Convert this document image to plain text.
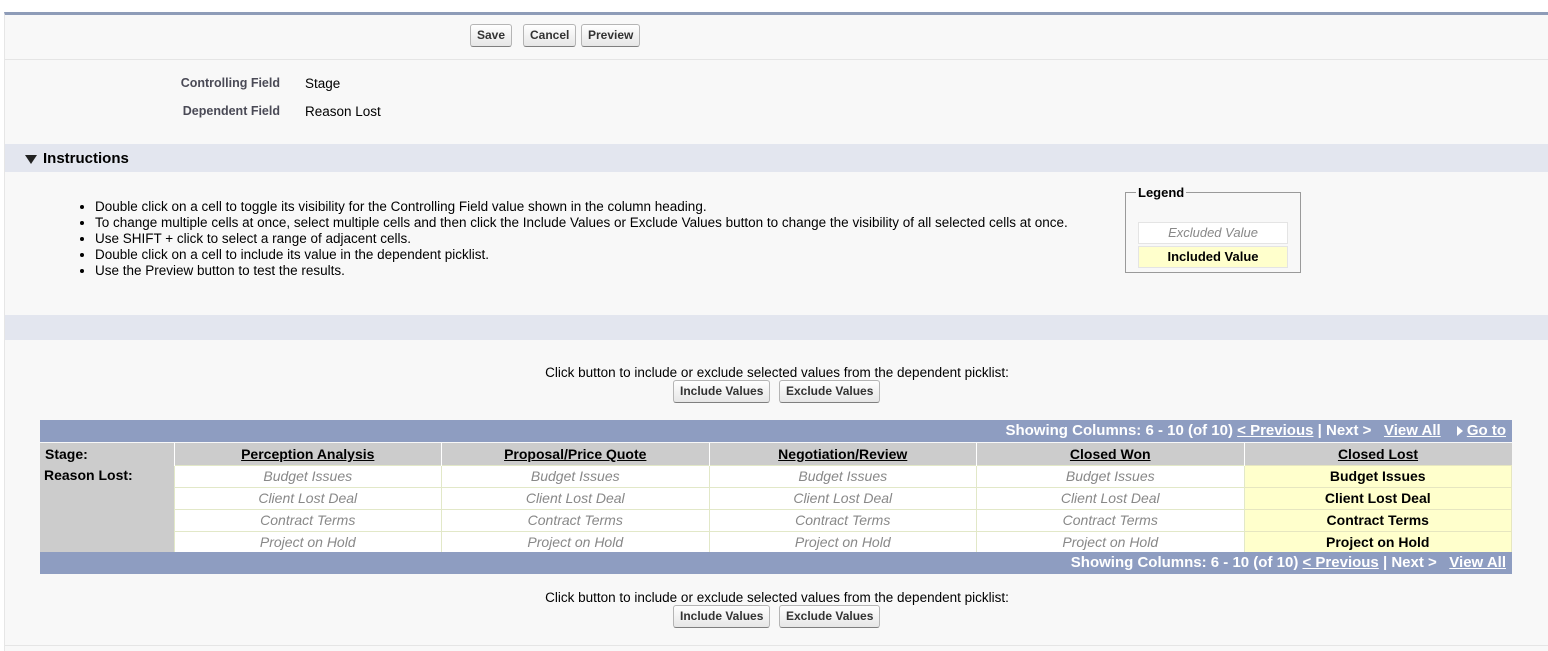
Save	Cancel	Preview
Controlling Field Stage
Dependent Field Reason Lost
Instructions
• Double click on a cell to toggle its visibility for the Controlling Field value shown in the column heading.
• To change multiple cells at once, select multiple cells and then click the Include Values or Exclude Values button to change the visibility of all selected cells at once.
• Use SHIFT + click to select a range of adjacent cells.
• Double click on a cell to include its value in the dependent picklist.
• Use the Preview button to test the results.
Legend
Excluded Value
Included Value
Click button to include or exclude selected values from the dependent picklist:
Include Values	Exclude Values
Showing Columns: 6 - 10 (of 10) < Previous | Next > View All Go to
Stage:	Perception Analysis	Proposal/Price Quote	Negotiation/Review	Closed Won	Closed Lost
Reason Lost:	Budget Issues	Budget Issues	Budget Issues	Budget Issues	Budget Issues
	Client Lost Deal	Client Lost Deal	Client Lost Deal	Client Lost Deal	Client Lost Deal
	Contract Terms	Contract Terms	Contract Terms	Contract Terms	Contract Terms
	Project on Hold	Project on Hold	Project on Hold	Project on Hold	Project on Hold
Showing Columns: 6 - 10 (of 10) < Previous | Next > View All
Click button to include or exclude selected values from the dependent picklist:
Include Values	Exclude Values
